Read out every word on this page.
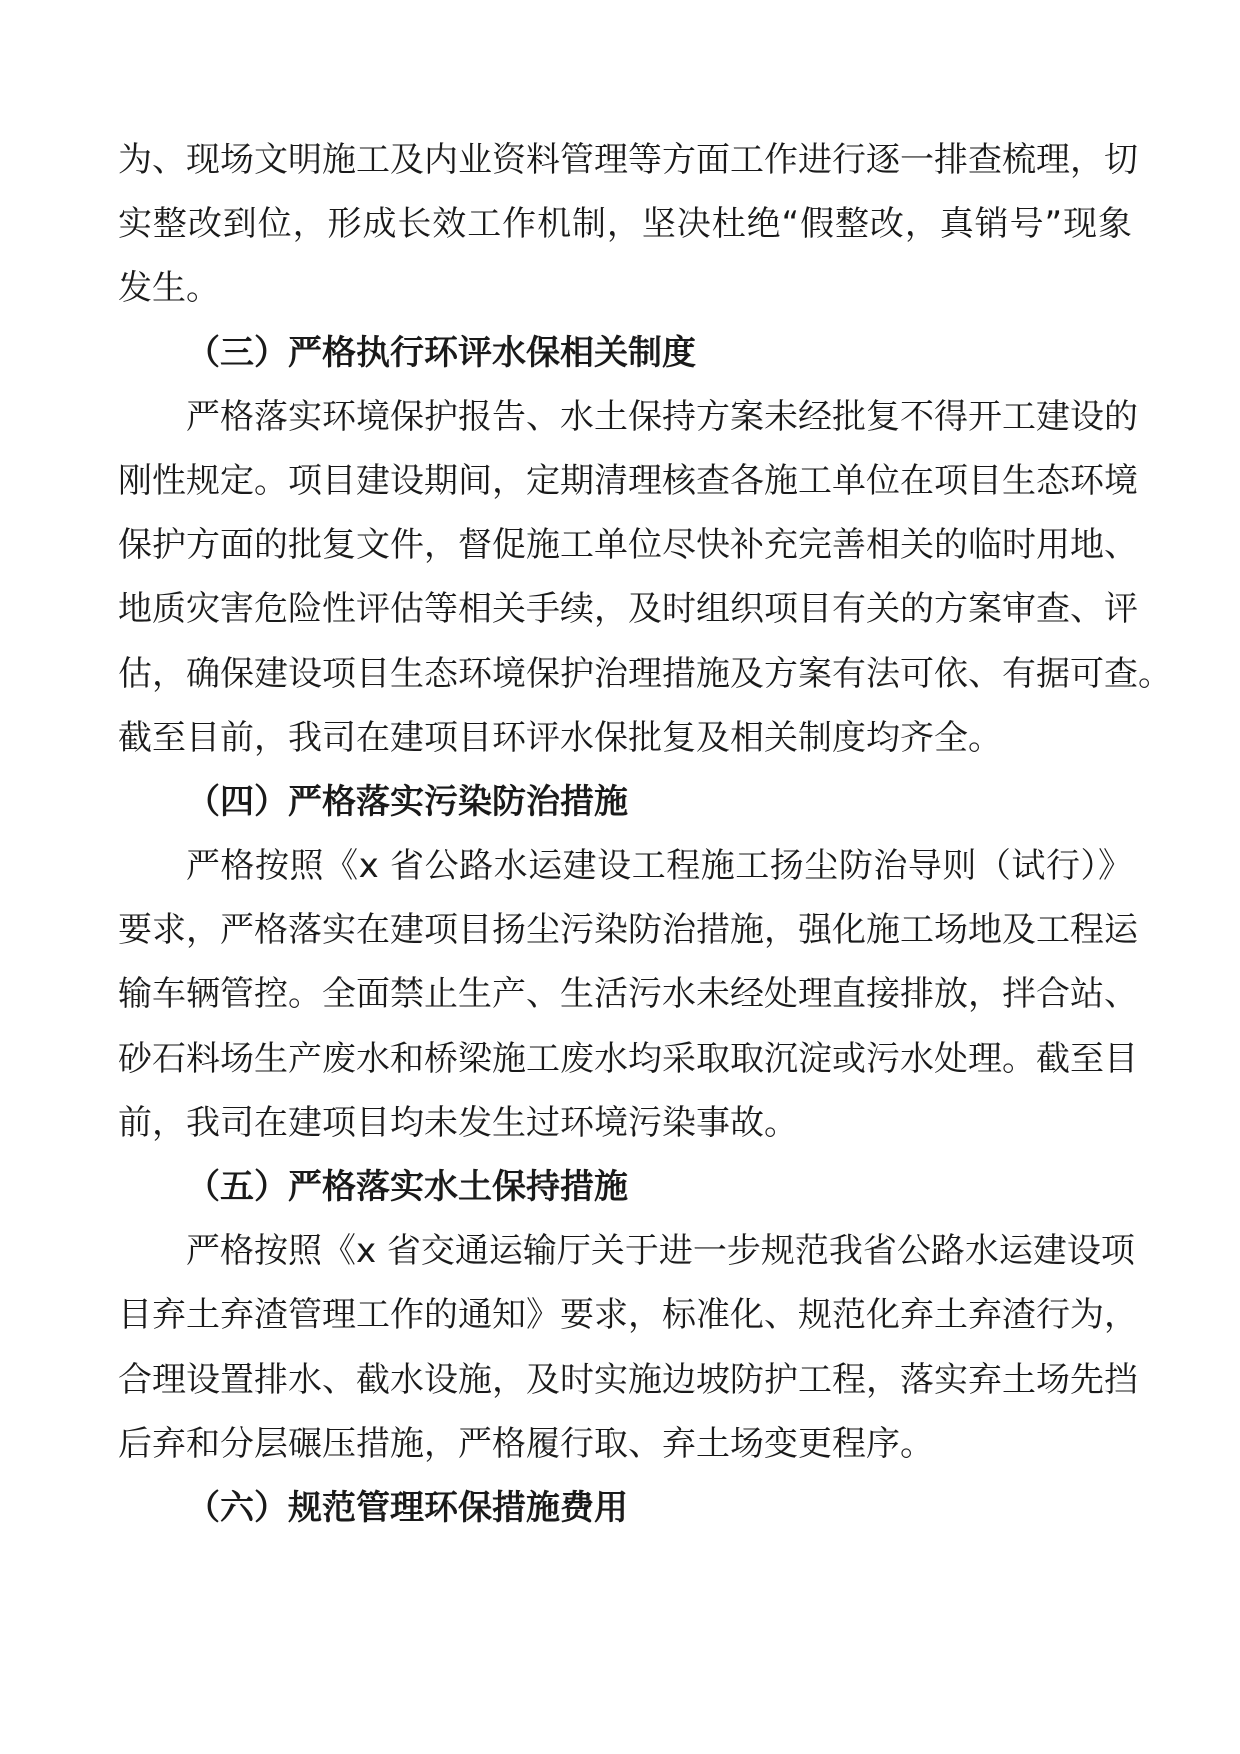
为、现场文明施工及内业资料管理等方面工作进行逐一排查梳理，切
实整改到位，形成长效工作机制，坚决杜绝“假整改，真销号”现象
发生。
（三）严格执行环评水保相关制度
严格落实环境保护报告、水土保持方案未经批复不得开工建设的
刚性规定。项目建设期间，定期清理核查各施工单位在项目生态环境
保护方面的批复文件，督促施工单位尽快补充完善相关的临时用地、
地质灾害危险性评估等相关手续，及时组织项目有关的方案审查、评
估，确保建设项目生态环境保护治理措施及方案有法可依、有据可查。
截至目前，我司在建项目环评水保批复及相关制度均齐全。
（四）严格落实污染防治措施
严格按照《x 省公路水运建设工程施工扬尘防治导则（试行）》
要求，严格落实在建项目扬尘污染防治措施，强化施工场地及工程运
输车辆管控。全面禁止生产、生活污水未经处理直接排放，拌合站、
砂石料场生产废水和桥梁施工废水均采取取沉淀或污水处理。截至目
前，我司在建项目均未发生过环境污染事故。
（五）严格落实水土保持措施
严格按照《x 省交通运输厅关于进一步规范我省公路水运建设项
目弃土弃渣管理工作的通知》要求，标准化、规范化弃土弃渣行为，
合理设置排水、截水设施，及时实施边坡防护工程，落实弃土场先挡
后弃和分层碾压措施，严格履行取、弃土场变更程序。
（六）规范管理环保措施费用
